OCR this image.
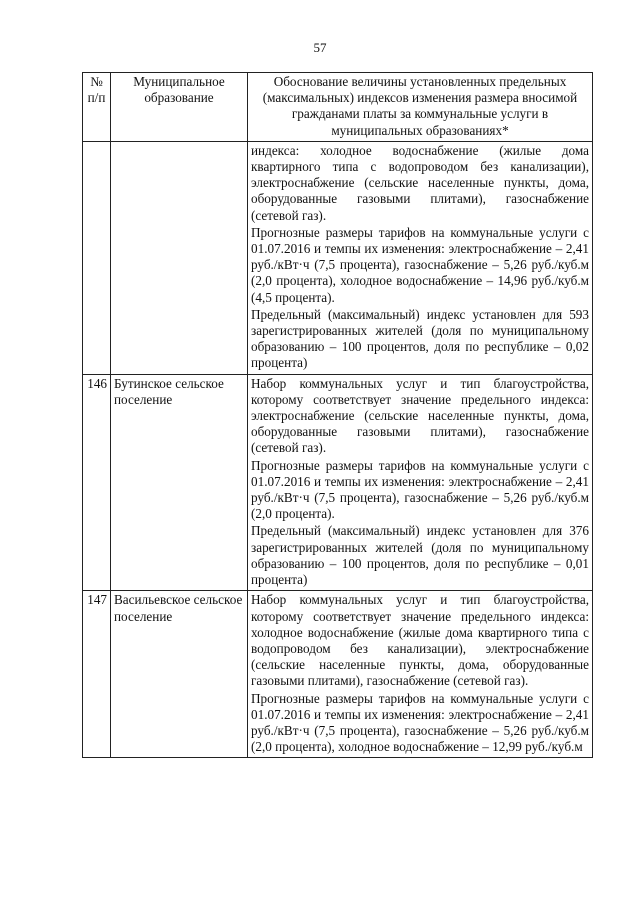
57
№ п/п	Муниципальное образование	Обоснование величины установленных предельных (максимальных) индексов изменения размера вносимой гражданами платы за коммунальные услуги в муниципальных образованиях*

		индекса: холодное водоснабжение (жилые дома квартирного типа с водопроводом без канализации), электроснабжение (сельские населенные пункты, дома, оборудованные газовыми плитами), газоснабжение (сетевой газ).

Прогнозные размеры тарифов на коммунальные услуги с 01.07.2016 и темпы их изменения: электроснабжение – 2,41 руб./кВт·ч (7,5 процента), газоснабжение – 5,26 руб./куб.м (2,0 процента), холодное водоснабжение – 14,96 руб./куб.м (4,5 процента).

Предельный (максимальный) индекс установлен для 593 зарегистрированных жителей (доля по муниципальному образованию – 100 процентов, доля по республике – 0,02 процента)

146	Бутинское сельское поселение	Набор коммунальных услуг и тип благоустройства, которому соответствует значение предельного индекса: электроснабжение (сельские населенные пункты, дома, оборудованные газовыми плитами), газоснабжение (сетевой газ).

Прогнозные размеры тарифов на коммунальные услуги с 01.07.2016 и темпы их изменения: электроснабжение – 2,41 руб./кВт·ч (7,5 процента), газоснабжение – 5,26 руб./куб.м (2,0 процента).

Предельный (максимальный) индекс установлен для 376 зарегистрированных жителей (доля по муниципальному образованию – 100 процентов, доля по республике – 0,01 процента)

147	Васильевское сельское поселение	Набор коммунальных услуг и тип благоустройства, которому соответствует значение предельного индекса: холодное водоснабжение (жилые дома квартирного типа с водопроводом без канализации), электроснабжение (сельские населенные пункты, дома, оборудованные газовыми плитами), газоснабжение (сетевой газ).

Прогнозные размеры тарифов на коммунальные услуги с 01.07.2016 и темпы их изменения: электроснабжение – 2,41 руб./кВт·ч (7,5 процента), газоснабжение – 5,26 руб./куб.м (2,0 процента), холодное водоснабжение – 12,99 руб./куб.м
